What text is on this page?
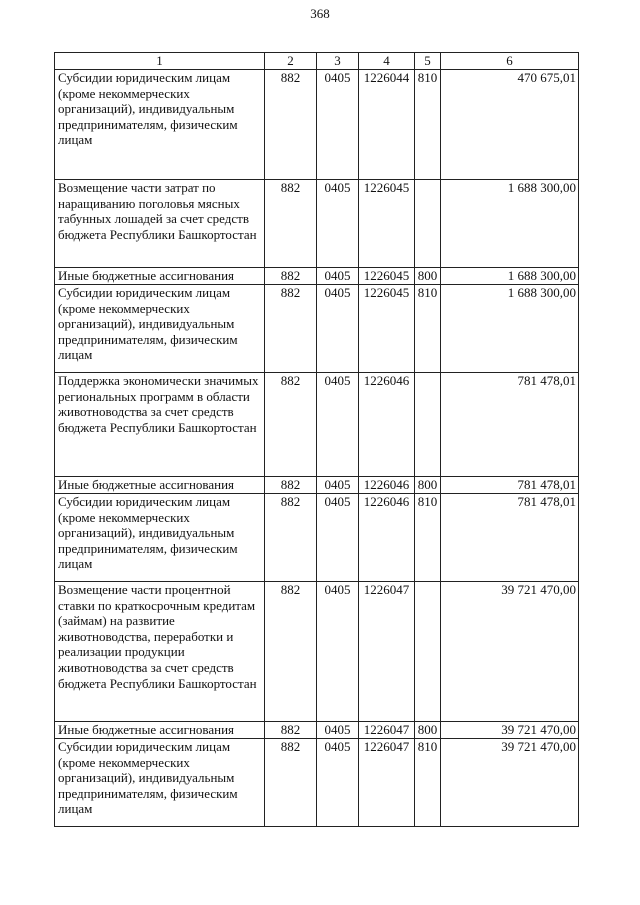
368
1	2	3	4	5	6
Субсидии юридическим лицам (кроме некоммерческих организаций), индивидуальным предпринимателям, физическим лицам	882	0405	1226044	810	470 675,01
Возмещение части затрат по наращиванию поголовья мясных табунных лошадей за счет средств бюджета Республики Башкортостан	882	0405	1226045		1 688 300,00
Иные бюджетные ассигнования	882	0405	1226045	800	1 688 300,00
Субсидии юридическим лицам (кроме некоммерческих организаций), индивидуальным предпринимателям, физическим лицам	882	0405	1226045	810	1 688 300,00
Поддержка экономически значимых региональных программ в области животноводства за счет средств бюджета Республики Башкортостан	882	0405	1226046		781 478,01
Иные бюджетные ассигнования	882	0405	1226046	800	781 478,01
Субсидии юридическим лицам (кроме некоммерческих организаций), индивидуальным предпринимателям, физическим лицам	882	0405	1226046	810	781 478,01
Возмещение части процентной ставки по краткосрочным кредитам (займам) на развитие животноводства, переработки и реализации продукции животноводства за счет средств бюджета Республики Башкортостан	882	0405	1226047		39 721 470,00
Иные бюджетные ассигнования	882	0405	1226047	800	39 721 470,00
Субсидии юридическим лицам (кроме некоммерческих организаций), индивидуальным предпринимателям, физическим лицам	882	0405	1226047	810	39 721 470,00
